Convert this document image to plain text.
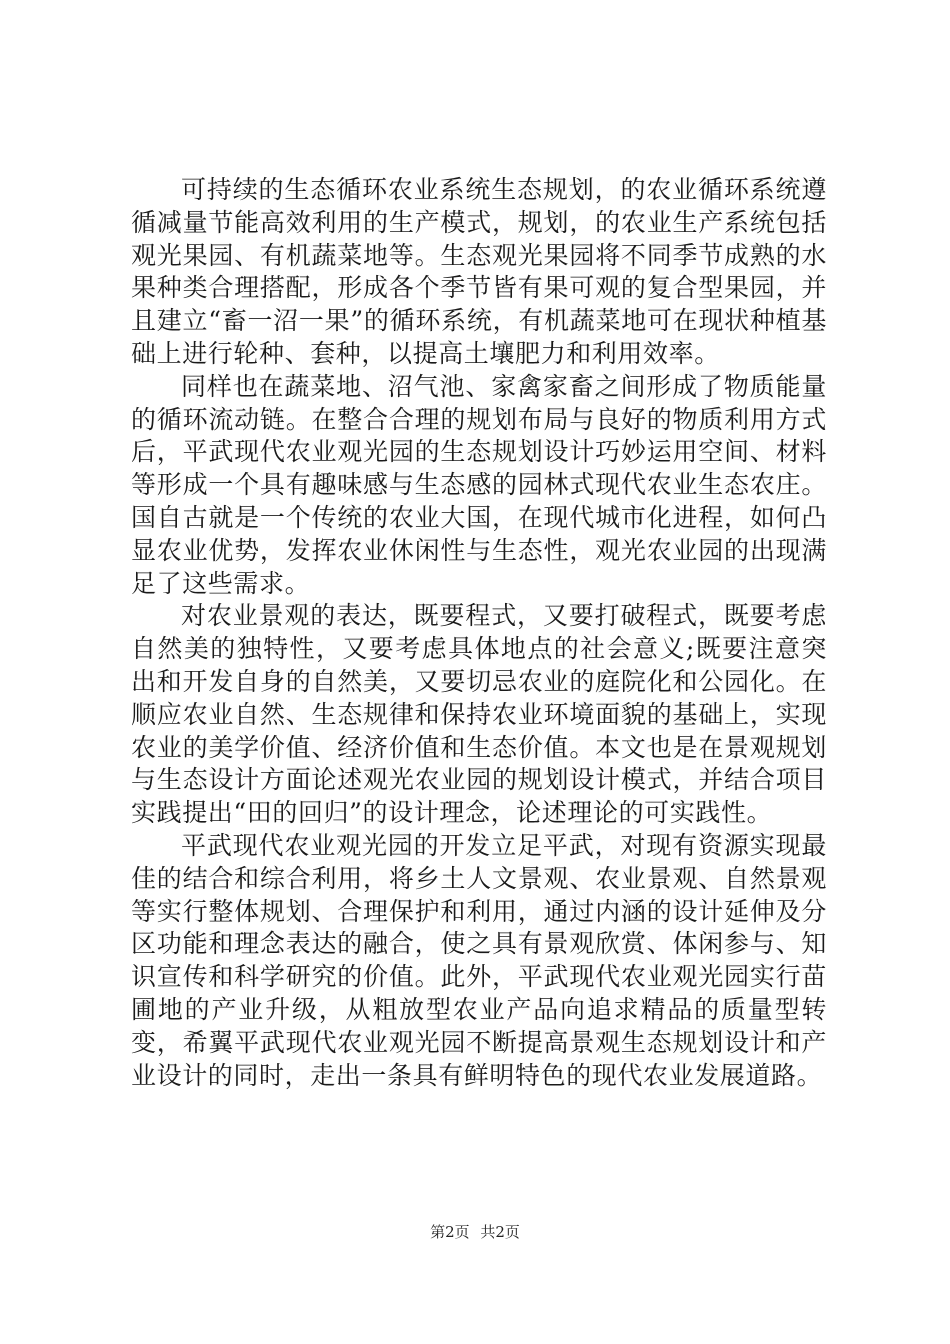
可持续的生态循环农业系统生态规划，的农业循环系统遵循减量节能高效利用的生产模式，规划，的农业生产系统包括观光果园、有机蔬菜地等。生态观光果园将不同季节成熟的水果种类合理搭配，形成各个季节皆有果可观的复合型果园，并且建立“畜一沼一果”的循环系统，有机蔬菜地可在现状种植基础上进行轮种、套种，以提高土壤肥力和利用效率。

同样也在蔬菜地、沼气池、家禽家畜之间形成了物质能量的循环流动链。在整合合理的规划布局与良好的物质利用方式后，平武现代农业观光园的生态规划设计巧妙运用空间、材料等形成一个具有趣味感与生态感的园林式现代农业生态农庄。国自古就是一个传统的农业大国，在现代城市化进程，如何凸显农业优势，发挥农业休闲性与生态性，观光农业园的出现满足了这些需求。

对农业景观的表达，既要程式，又要打破程式，既要考虑自然美的独特性，又要考虑具体地点的社会意义;既要注意突出和开发自身的自然美，又要切忌农业的庭院化和公园化。在顺应农业自然、生态规律和保持农业环境面貌的基础上，实现农业的美学价值、经济价值和生态价值。本文也是在景观规划与生态设计方面论述观光农业园的规划设计模式，并结合项目实践提出“田的回归”的设计理念，论述理论的可实践性。

平武现代农业观光园的开发立足平武，对现有资源实现最佳的结合和综合利用，将乡土人文景观、农业景观、自然景观等实行整体规划、合理保护和利用，通过内涵的设计延伸及分区功能和理念表达的融合，使之具有景观欣赏、体闲参与、知识宣传和科学研究的价值。此外，平武现代农业观光园实行苗圃地的产业升级，从粗放型农业产品向追求精品的质量型转变，希翼平武现代农业观光园不断提高景观生态规划设计和产业设计的同时，走出一条具有鲜明特色的现代农业发展道路。

第2页 共2页
